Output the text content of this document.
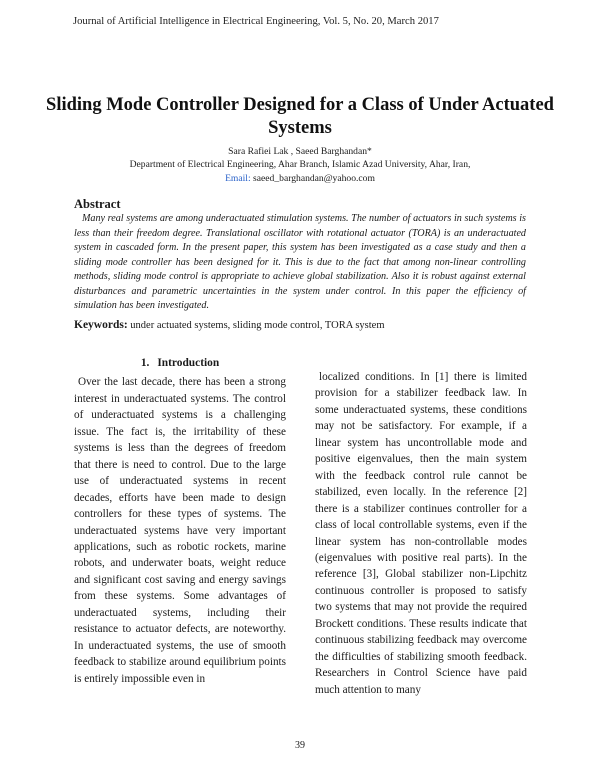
Journal of Artificial Intelligence in Electrical Engineering, Vol. 5, No. 20, March 2017
Sliding Mode Controller Designed for a Class of Under Actuated Systems
Sara Rafiei Lak , Saeed Barghandan*
Department of Electrical Engineering, Ahar Branch, Islamic Azad University, Ahar, Iran,
Email: saeed_barghandan@yahoo.com
Abstract
Many real systems are among underactuated stimulation systems. The number of actuators in such systems is less than their freedom degree. Translational oscillator with rotational actuator (TORA) is an underactuated system in cascaded form. In the present paper, this system has been investigated as a case study and then a sliding mode controller has been designed for it. This is due to the fact that among non-linear controlling methods, sliding mode control is appropriate to achieve global stabilization. Also it is robust against external disturbances and parametric uncertainties in the system under control. In this paper the efficiency of simulation has been investigated.
Keywords: under actuated systems, sliding mode control, TORA system
1. Introduction

Over the last decade, there has been a strong interest in underactuated systems. The control of underactuated systems is a challenging issue. The fact is, the irritability of these systems is less than the degrees of freedom that there is need to control. Due to the large use of underactuated systems in recent decades, efforts have been made to design controllers for these types of systems. The underactuated systems have very important applications, such as robotic rockets, marine robots, and underwater boats, weight reduce and significant cost saving and energy savings from these systems. Some advantages of underactuated systems, including their resistance to actuator defects, are noteworthy. In underactuated systems, the use of smooth feedback to stabilize around equilibrium points is entirely impossible even in

localized conditions. In [1] there is limited provision for a stabilizer feedback law. In some underactuated systems, these conditions may not be satisfactory. For example, if a linear system has uncontrollable mode and positive eigenvalues, then the main system with the feedback control rule cannot be stabilized, even locally. In the reference [2] there is a stabilizer continues controller for a class of local controllable systems, even if the linear system has non-controllable modes (eigenvalues with positive real parts). In the reference [3], Global stabilizer non-Lipchitz continuous controller is proposed to satisfy two systems that may not provide the required Brockett conditions. These results indicate that continuous stabilizing feedback may overcome the difficulties of stabilizing smooth feedback. Researchers in Control Science have paid much attention to many

39
